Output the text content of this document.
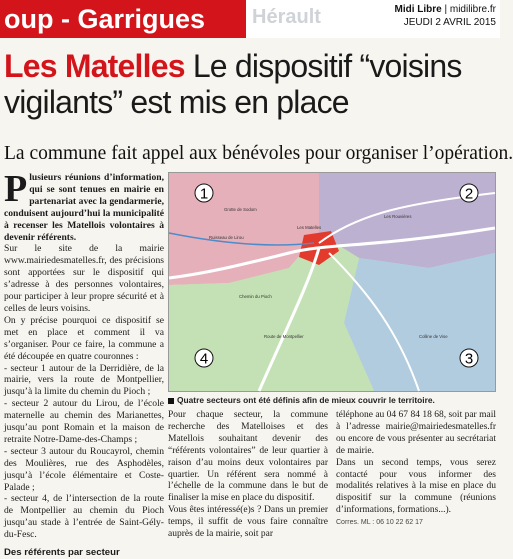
oup - Garrigues	Hérault	Midi Libre | midilibre.fr
JEUDI 2 AVRIL 2015
Les Matelles Le dispositif “voisins vigilants” est mis en place
La commune fait appel aux bénévoles pour organiser l’opération.

Plusieurs réunions d’information, qui se sont tenues en mairie en partenariat avec la gendarmerie, conduisent aujourd’hui la municipalité à recenser les Matellois volontaires à devenir référents.

Sur le site de la mairie www.mairiedesmatelles.fr, des précisions sont apportées sur le dispositif qui s’adresse à des personnes volontaires, pour participer à leur propre sécurité et à celles de leurs voisins.

On y précise pourquoi ce dispositif se met en place et comment il va s’organiser. Pour ce faire, la commune a été découpée en quatre couronnes :

- secteur 1 autour de la Derridière, de la mairie, vers la route de Montpellier, jusqu’à la limite du chemin du Pioch ;

- secteur 2 autour du Lirou, de l’école maternelle au chemin des Marianettes, jusqu’au pont Romain et la maison de retraite Notre-Dame-des-Champs ;

- secteur 3 autour du Roucayrol, chemin des Moulières, rue des Asphodèles, jusqu’à l’école élémentaire et Coste-Palade ;

- secteur 4, de l’intersection de la route de Montpellier au chemin du Pioch jusqu’au stade à l’entrée de Saint-Gély-du-Fesc.

Des référents par secteur

1	2
3
4
Grotte de Sodom
Ruisseau de Lirou
Les Matelles
Chemin du Pioch
Les Rouvières
Route de Montpellier	Colline de Vise
Quatre secteurs ont été définis afin de mieux couvrir le territoire.

Pour chaque secteur, la commune recherche des Matelloises et des Matellois souhaitant devenir des “référents volontaires” de leur quartier à raison d’au moins deux volontaires par quartier. Un référent sera nommé à l’échelle de la commune dans le but de finaliser la mise en place du dispositif.

Vous êtes intéressé(e)s ? Dans un premier temps, il suffit de vous faire connaître auprès de la mairie, soit par

téléphone au 04 67 84 18 68, soit par mail à l’adresse mairie@mairiedesmatelles.fr ou encore de vous présenter au secrétariat de mairie.

Dans un second temps, vous serez contacté pour vous informer des modalités relatives à la mise en place du dispositif sur la commune (réunions d’informations, formations...).

Corres. ML : 06 10 22 62 17
